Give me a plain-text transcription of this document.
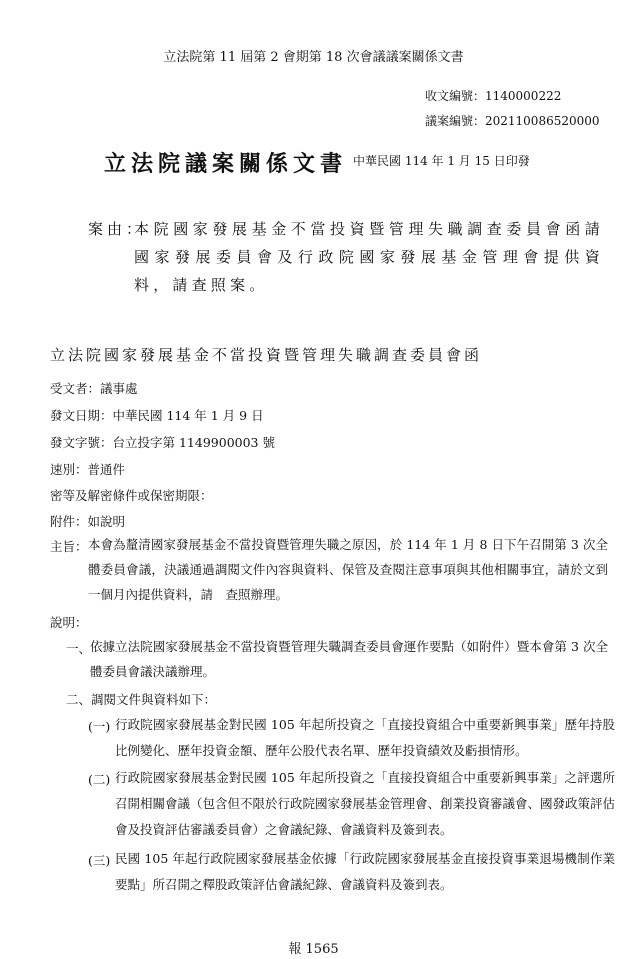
立法院第 11 屆第 2 會期第 18 次會議議案關係文書
收文編號：1140000222
議案編號：202110086520000
立法院議案關係文書 中華民國 114 年 1 月 15 日印發
案由：
本院國家發展基金不當投資暨管理失職調查委員會函請國家發展委員會及行政院國家發展基金管理會提供資料，請查照案。
立法院國家發展基金不當投資暨管理失職調查委員會函
受文者：議事處
發文日期：中華民國 114 年 1 月 9 日
發文字號：台立投字第 1149900003 號
速別：普通件
密等及解密條件或保密期限：
附件：如說明
主旨： 本會為釐清國家發展基金不當投資暨管理失職之原因，於 114 年 1 月 8 日下午召開第 3 次全體委員會議，決議通過調閱文件內容與資料、保管及查閱注意事項與其他相關事宜，請於文到一個月內提供資料，請　查照辦理。
說明：
一、
依據立法院國家發展基金不當投資暨管理失職調查委員會運作要點（如附件）暨本會第 3 次全體委員會議決議辦理。
二、調閱文件與資料如下：
(一) 行政院國家發展基金對民國 105 年起所投資之「直接投資組合中重要新興事業」歷年持股比例變化、歷年投資金額、歷年公股代表名單、歷年投資績效及虧損情形。
(二) 行政院國家發展基金對民國 105 年起所投資之「直接投資組合中重要新興事業」之評選所召開相關會議（包含但不限於行政院國家發展基金管理會、創業投資審議會、國發政策評估會及投資評估審議委員會）之會議紀錄、會議資料及簽到表。
(三) 民國 105 年起行政院國家發展基金依據「行政院國家發展基金直接投資事業退場機制作業要點」所召開之釋股政策評估會議紀錄、會議資料及簽到表。
報 1565
